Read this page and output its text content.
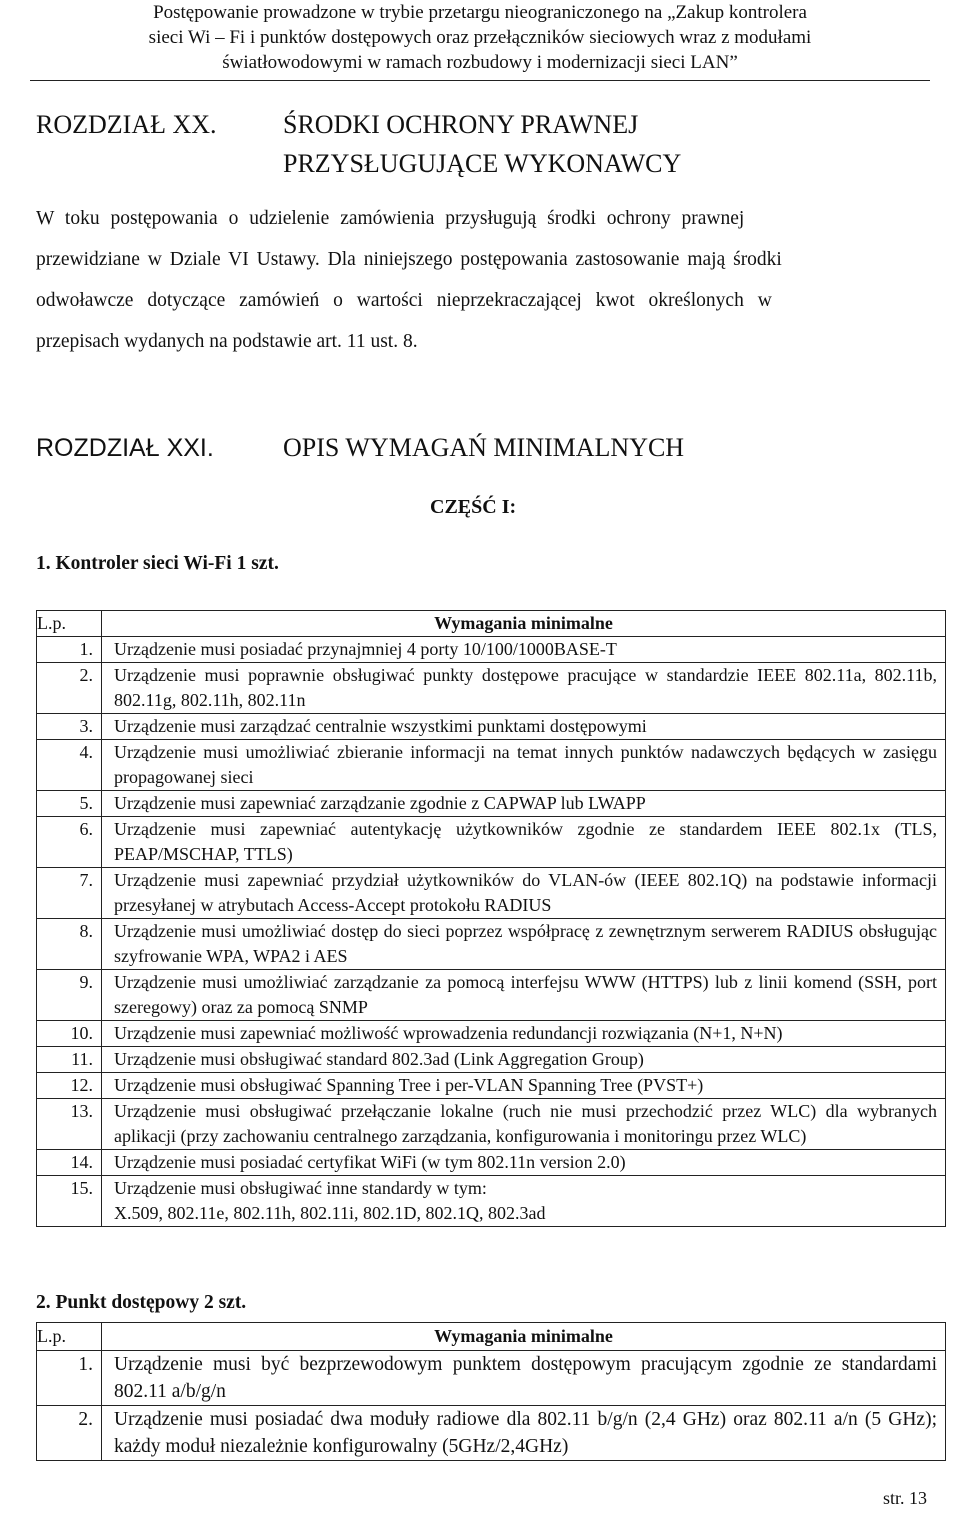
Postępowanie prowadzone w trybie przetargu nieograniczonego na „Zakup kontrolera
sieci Wi – Fi i punktów dostępowych oraz przełączników sieciowych wraz z modułami
światłowodowymi w ramach rozbudowy i modernizacji sieci LAN”
ROZDZIAŁ XX.	ŚRODKI OCHRONY PRAWNEJ
PRZYSŁUGUJĄCE WYKONAWCY
W toku postępowania o udzielenie zamówienia przysługują środki ochrony prawnej
przewidziane w Dziale VI Ustawy. Dla niniejszego postępowania zastosowanie mają środki
odwoławcze dotyczące zamówień o wartości nieprzekraczającej kwot określonych w
przepisach wydanych na podstawie art. 11 ust. 8.
ROZDZIAŁ XXI.	OPIS WYMAGAŃ MINIMALNYCH
CZĘŚĆ I:
1. Kontroler sieci Wi-Fi 1 szt.
L.p.	Wymagania minimalne
1.	Urządzenie musi posiadać przynajmniej 4 porty 10/100/1000BASE-T

2.	Urządzenie musi poprawnie obsługiwać punkty dostępowe pracujące w standardzie IEEE 802.11a, 802.11b, 802.11g, 802.11h, 802.11n

3.	Urządzenie musi zarządzać centralnie wszystkimi punktami dostępowymi

4.	Urządzenie musi umożliwiać zbieranie informacji na temat innych punktów nadawczych będących w zasięgu propagowanej sieci

5.	Urządzenie musi zapewniać zarządzanie zgodnie z CAPWAP lub LWAPP

6.	Urządzenie musi zapewniać autentykację użytkowników zgodnie ze standardem IEEE 802.1x (TLS, PEAP/MSCHAP, TTLS)

7.	Urządzenie musi zapewniać przydział użytkowników do VLAN-ów (IEEE 802.1Q) na podstawie informacji przesyłanej w atrybutach Access-Accept protokołu RADIUS

8.	Urządzenie musi umożliwiać dostęp do sieci poprzez współpracę z zewnętrznym serwerem RADIUS obsługując szyfrowanie WPA, WPA2 i AES

9.	Urządzenie musi umożliwiać zarządzanie za pomocą interfejsu WWW (HTTPS) lub z linii komend (SSH, port szeregowy) oraz za pomocą SNMP

10.	Urządzenie musi zapewniać możliwość wprowadzenia redundancji rozwiązania (N+1, N+N)

11.	Urządzenie musi obsługiwać standard 802.3ad (Link Aggregation Group)

12.	Urządzenie musi obsługiwać Spanning Tree i per-VLAN Spanning Tree (PVST+)

13.	Urządzenie musi obsługiwać przełączanie lokalne (ruch nie musi przechodzić przez WLC) dla wybranych aplikacji (przy zachowaniu centralnego zarządzania, konfigurowania i monitoringu przez WLC)

14.	Urządzenie musi posiadać certyfikat WiFi (w tym 802.11n version 2.0)

15.	Urządzenie musi obsługiwać inne standardy w tym:
X.509, 802.11e, 802.11h, 802.11i, 802.1D, 802.1Q, 802.3ad
2. Punkt dostępowy 2 szt.
L.p.	Wymagania minimalne
1.	Urządzenie musi być bezprzewodowym punktem dostępowym pracującym zgodnie ze standardami 802.11 a/b/g/n

2.	Urządzenie musi posiadać dwa moduły radiowe dla 802.11 b/g/n (2,4 GHz) oraz 802.11 a/n (5 GHz); każdy moduł niezależnie konfigurowalny (5GHz/2,4GHz)
str. 13
